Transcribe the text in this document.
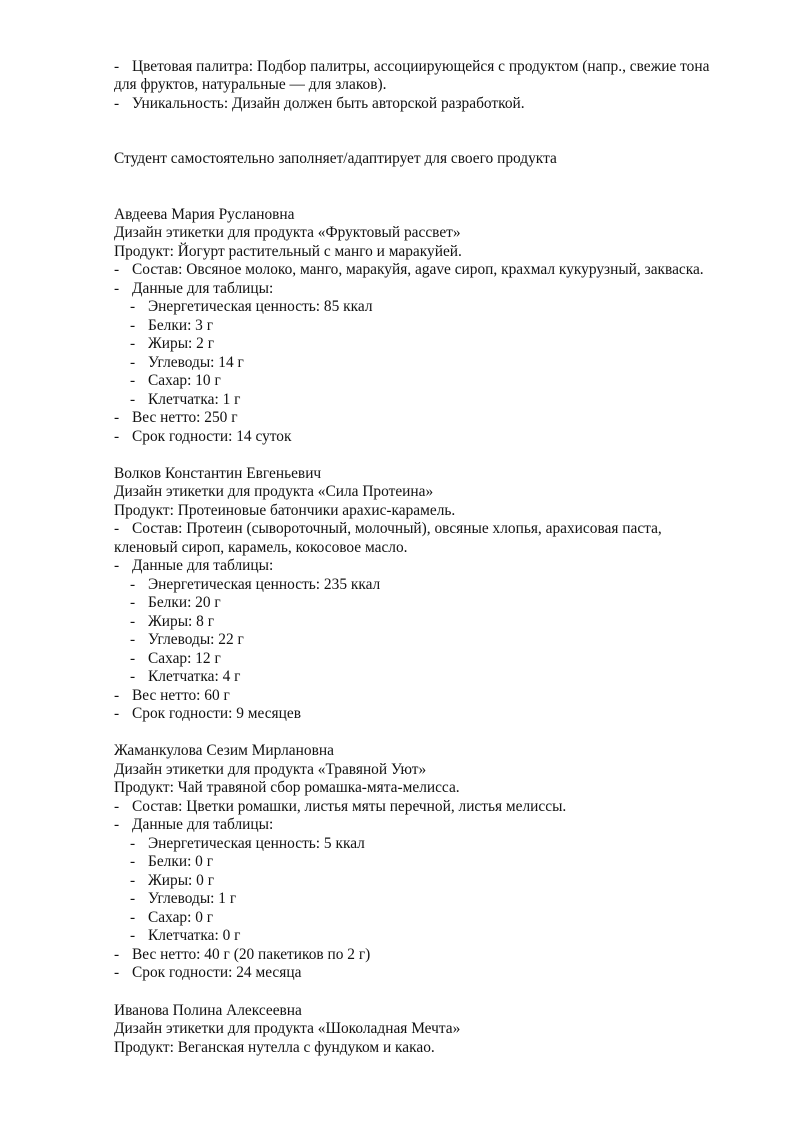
- Цветовая палитра: Подбор палитры, ассоциирующейся с продуктом (напр., свежие тона
для фруктов, натуральные — для злаков).
- Уникальность: Дизайн должен быть авторской разработкой.
Студент самостоятельно заполняет/адаптирует для своего продукта
Авдеева Мария Руслановна
Дизайн этикетки для продукта «Фруктовый рассвет»
Продукт: Йогурт растительный с манго и маракуйей.
- Состав: Овсяное молоко, манго, маракуйя, agave сироп, крахмал кукурузный, закваска.
- Данные для таблицы:
- Энергетическая ценность: 85 ккал
- Белки: 3 г
- Жиры: 2 г
- Углеводы: 14 г
- Сахар: 10 г
- Клетчатка: 1 г
- Вес нетто: 250 г
- Срок годности: 14 суток
Волков Константин Евгеньевич
Дизайн этикетки для продукта «Сила Протеина»
Продукт: Протеиновые батончики арахис-карамель.
- Состав: Протеин (сывороточный, молочный), овсяные хлопья, арахисовая паста,
кленовый сироп, карамель, кокосовое масло.
- Данные для таблицы:
- Энергетическая ценность: 235 ккал
- Белки: 20 г
- Жиры: 8 г
- Углеводы: 22 г
- Сахар: 12 г
- Клетчатка: 4 г
- Вес нетто: 60 г
- Срок годности: 9 месяцев
Жаманкулова Сезим Мирлановна
Дизайн этикетки для продукта «Травяной Уют»
Продукт: Чай травяной сбор ромашка-мята-мелисса.
- Состав: Цветки ромашки, листья мяты перечной, листья мелиссы.
- Данные для таблицы:
- Энергетическая ценность: 5 ккал
- Белки: 0 г
- Жиры: 0 г
- Углеводы: 1 г
- Сахар: 0 г
- Клетчатка: 0 г
- Вес нетто: 40 г (20 пакетиков по 2 г)
- Срок годности: 24 месяца
Иванова Полина Алексеевна
Дизайн этикетки для продукта «Шоколадная Мечта»
Продукт: Веганская нутелла с фундуком и какао.
